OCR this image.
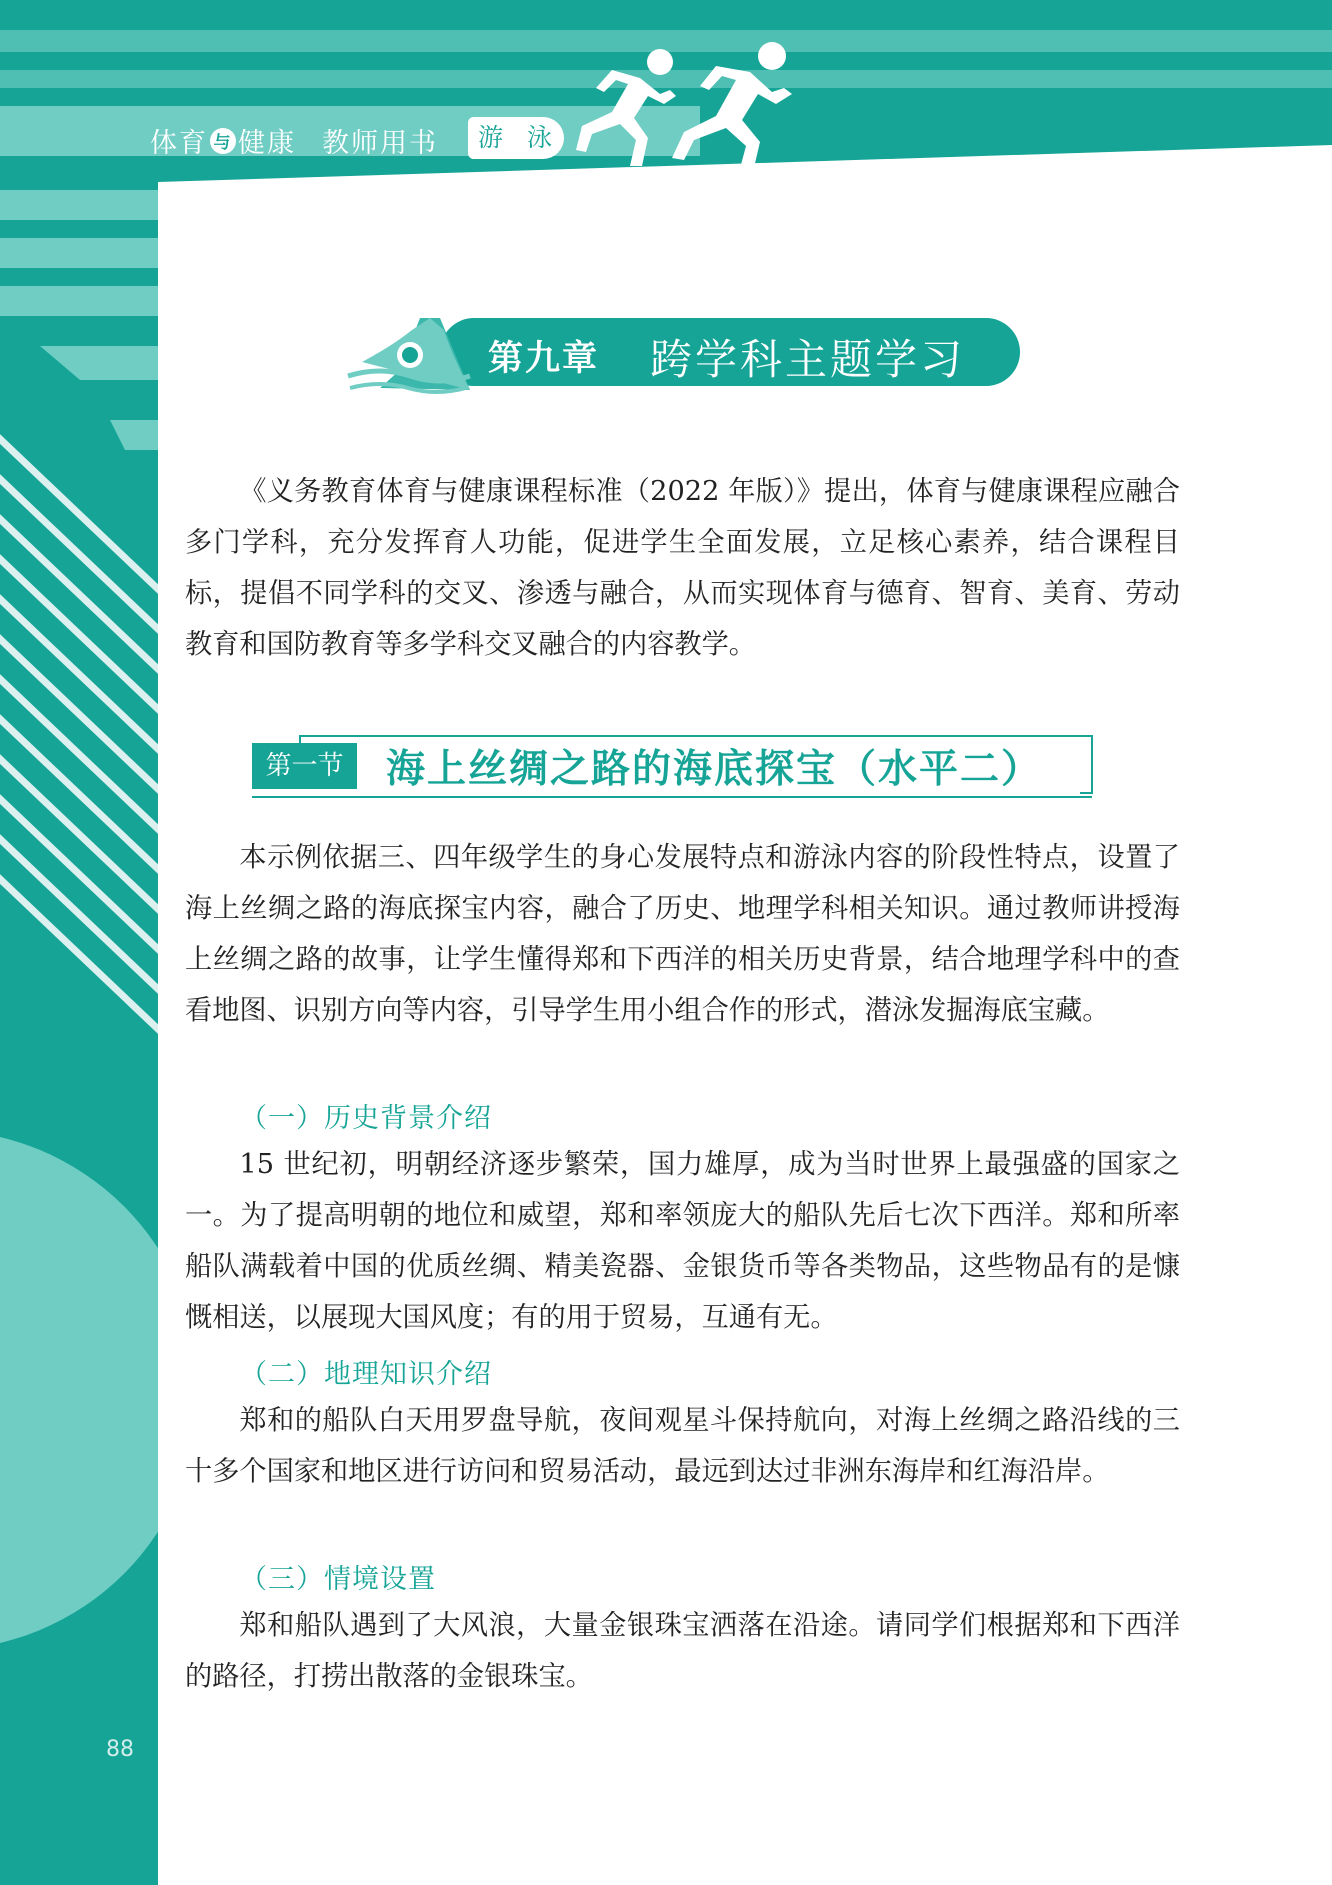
体育 与 健康 教师用书	游 泳
第九章 跨学科主题学习

《义务教育体育与健康课程标准（2022 年版）》提出，体育与健康课程应融合多门学科，充分发挥育人功能，促进学生全面发展，立足核心素养，结合课程目标，提倡不同学科的交叉、渗透与融合，从而实现体育与德育、智育、美育、劳动教育和国防教育等多学科交叉融合的内容教学。

第一节	海上丝绸之路的海底探宝（水平二）

本示例依据三、四年级学生的身心发展特点和游泳内容的阶段性特点，设置了海上丝绸之路的海底探宝内容，融合了历史、地理学科相关知识。通过教师讲授海上丝绸之路的故事，让学生懂得郑和下西洋的相关历史背景，结合地理学科中的查看地图、识别方向等内容，引导学生用小组合作的形式，潜泳发掘海底宝藏。

（一）历史背景介绍

15 世纪初，明朝经济逐步繁荣，国力雄厚，成为当时世界上最强盛的国家之一。为了提高明朝的地位和威望，郑和率领庞大的船队先后七次下西洋。郑和所率船队满载着中国的优质丝绸、精美瓷器、金银货币等各类物品，这些物品有的是慷慨相送，以展现大国风度；有的用于贸易，互通有无。

（二）地理知识介绍

郑和的船队白天用罗盘导航，夜间观星斗保持航向，对海上丝绸之路沿线的三十多个国家和地区进行访问和贸易活动，最远到达过非洲东海岸和红海沿岸。

（三）情境设置

郑和船队遇到了大风浪，大量金银珠宝洒落在沿途。请同学们根据郑和下西洋的路径，打捞出散落的金银珠宝。

88
